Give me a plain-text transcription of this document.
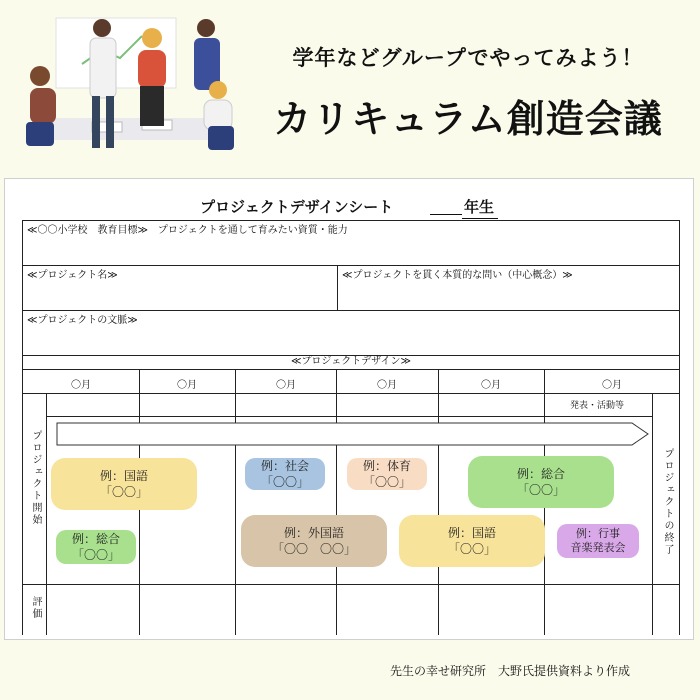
学年などグループでやってみよう！
カリキュラム創造会議
プロジェクトデザインシート	年生
≪〇〇小学校　教育目標≫　プロジェクトを通して育みたい資質・能力
≪プロジェクト名≫	≪プロジェクトを貫く本質的な問い（中心概念）≫
≪プロジェクトの文脈≫
≪プロジェクトデザイン≫
〇月	〇月	〇月	〇月	〇月	〇月
発表・活動等
プロジェクト開始	プロジェクトの終了
評価
例：国語
「〇〇」
例：社会
「〇〇」
例：体育
「〇〇」
例：総合
「〇〇」
例：総合
「〇〇」
例：外国語
「〇〇　〇〇」
例：国語
「〇〇」
例：行事
音楽発表会
先生の幸せ研究所　大野氏提供資料より作成
